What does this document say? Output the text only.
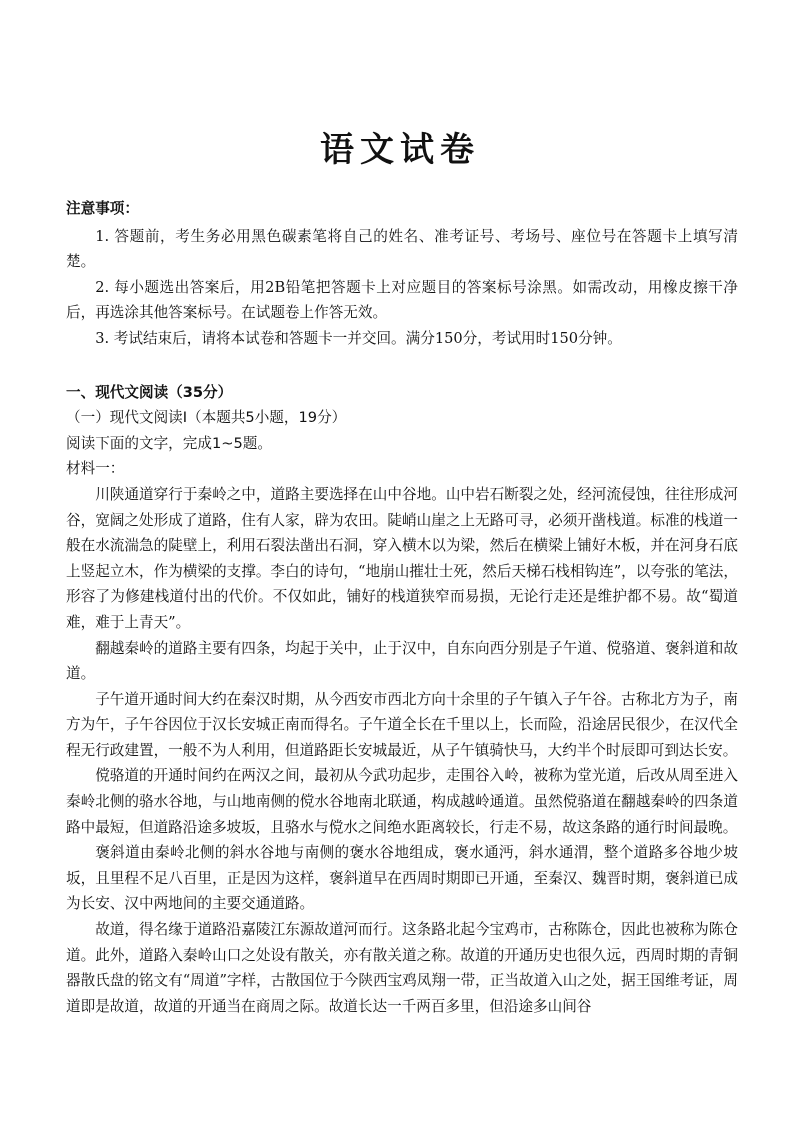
语文试卷

注意事项：

1. 答题前，考生务必用黑色碳素笔将自己的姓名、准考证号、考场号、座位号在答题卡上填写清楚。

2. 每小题选出答案后，用2B铅笔把答题卡上对应题目的答案标号涂黑。如需改动，用橡皮擦干净后，再选涂其他答案标号。在试题卷上作答无效。

3. 考试结束后，请将本试卷和答题卡一并交回。满分150分，考试用时150分钟。

一、现代文阅读（35分）

（一）现代文阅读Ⅰ（本题共5小题，19分）

阅读下面的文字，完成1~5题。

材料一：

川陕通道穿行于秦岭之中，道路主要选择在山中谷地。山中岩石断裂之处，经河流侵蚀，往往形成河谷，宽阔之处形成了道路，住有人家，辟为农田。陡峭山崖之上无路可寻，必须开凿栈道。标准的栈道一般在水流湍急的陡壁上，利用石裂法凿出石洞，穿入横木以为梁，然后在横梁上铺好木板，并在河身石底上竖起立木，作为横梁的支撑。李白的诗句，“地崩山摧壮士死，然后天梯石栈相钩连”，以夸张的笔法，形容了为修建栈道付出的代价。不仅如此，铺好的栈道狭窄而易损，无论行走还是维护都不易。故“蜀道难，难于上青天”。

翻越秦岭的道路主要有四条，均起于关中，止于汉中，自东向西分别是子午道、傥骆道、褒斜道和故道。

子午道开通时间大约在秦汉时期，从今西安市西北方向十余里的子午镇入子午谷。古称北方为子，南方为午，子午谷因位于汉长安城正南而得名。子午道全长在千里以上，长而险，沿途居民很少，在汉代全程无行政建置，一般不为人利用，但道路距长安城最近，从子午镇骑快马，大约半个时辰即可到达长安。

傥骆道的开通时间约在两汉之间，最初从今武功起步，走围谷入岭，被称为堂光道，后改从周至进入秦岭北侧的骆水谷地，与山地南侧的傥水谷地南北联通，构成越岭通道。虽然傥骆道在翻越秦岭的四条道路中最短，但道路沿途多坡坂，且骆水与傥水之间绝水距离较长，行走不易，故这条路的通行时间最晚。

褒斜道由秦岭北侧的斜水谷地与南侧的褒水谷地组成，褒水通沔，斜水通渭，整个道路多谷地少坡坂，且里程不足八百里，正是因为这样，褒斜道早在西周时期即已开通，至秦汉、魏晋时期，褒斜道已成为长安、汉中两地间的主要交通道路。

故道，得名缘于道路沿嘉陵江东源故道河而行。这条路北起今宝鸡市，古称陈仓，因此也被称为陈仓道。此外，道路入秦岭山口之处设有散关，亦有散关道之称。故道的开通历史也很久远，西周时期的青铜器散氏盘的铭文有“周道”字样，古散国位于今陕西宝鸡凤翔一带，正当故道入山之处，据王国维考证，周道即是故道，故道的开通当在商周之际。故道长达一千两百多里，但沿途多山间谷
